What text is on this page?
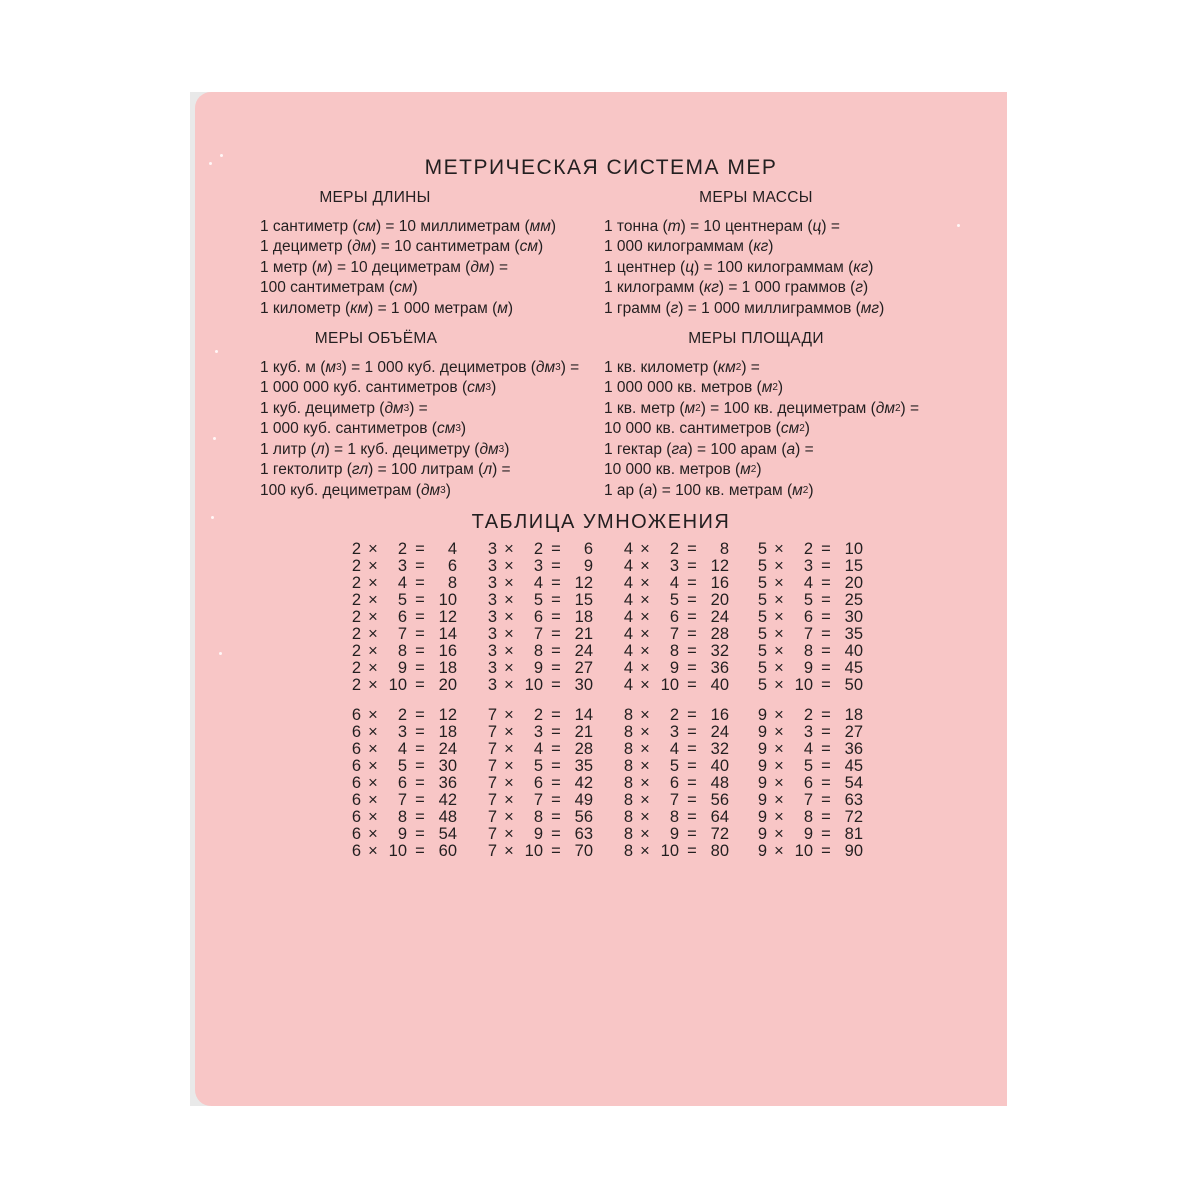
МЕТРИЧЕСКАЯ СИСТЕМА МЕР
МЕРЫ ДЛИНЫ
1 сантиметр (см) = 10 миллиметрам (мм)
1 дециметр (дм) = 10 сантиметрам (см)
1 метр (м) = 10 дециметрам (дм) =
100 сантиметрам (см)
1 километр (км) = 1 000 метрам (м)
МЕРЫ МАССЫ
1 тонна (т) = 10 центнерам (ц) =
1 000 килограммам (кг)
1 центнер (ц) = 100 килограммам (кг)
1 килограмм (кг) = 1 000 граммов (г)
1 грамм (г) = 1 000 миллиграммов (мг)
МЕРЫ ОБЪЁМА
1 куб. м $(м^3) = 1$ 000 куб. дециметров $(дм^3)$ =
1 000 000 куб. сантиметров $(см^3)$
1 куб. дециметр $(дм^3)$ =
1 000 куб. сантиметров $(см^3)$
1 литр (л) = 1 куб. дециметру $(дм^3)$
1 гектолитр (гл) = 100 литрам (л) =
100 куб. дециметрам $(дм^3)$
МЕРЫ ПЛОЩАДИ
1 кв. километр $(км^2)$ =
1 000 000 кв. метров $(м^2)$
1 кв. метр $(м^2) = 100$ кв. дециметрам $(дм^2)$ =
10 000 кв. сантиметров $(см^2)$
1 гектар (га) = 100 арам (а) =
10 000 кв. метров $(м^2)$
1 ар (а) = 100 кв. метрам $(м^2)$
ТАБЛИЦА УМНОЖЕНИЯ
2 ×	2 =	4
2 ×	3 =	6
2 ×	4 =	8
2 ×	5 = 10
2 ×	6 = 12
2 ×	7 = 14
2 ×	8 = 16
2 ×	9 = 18
2 × 10 = 20
3 ×	2 =	6
3 ×	3 =	9
3 ×	4 = 12
3 ×	5 = 15
3 ×	6 = 18
3 ×	7 = 21
3 ×	8 = 24
3 ×	9 = 27
3 × 10 = 30
4 ×	2 =	8
4 ×	3 = 12
4 ×	4 = 16
4 ×	5 = 20
4 ×	6 = 24
4 ×	7 = 28
4 ×	8 = 32
4 ×	9 = 36
4 × 10 = 40
5 ×	2 = 10
5 ×	3 = 15
5 ×	4 = 20
5 ×	5 = 25
5 ×	6 = 30
5 ×	7 = 35
5 ×	8 = 40
5 ×	9 = 45
5 × 10 = 50
6 ×	2 = 12
6 ×	3 = 18
6 ×	4 = 24
6 ×	5 = 30
6 ×	6 = 36
6 ×	7 = 42
6 ×	8 = 48
6 ×	9 = 54
6 × 10 = 60
7 ×	2 = 14
7 ×	3 = 21
7 ×	4 = 28
7 ×	5 = 35
7 ×	6 = 42
7 ×	7 = 49
7 ×	8 = 56
7 ×	9 = 63
7 × 10 = 70
8 ×	2 = 16
8 ×	3 = 24
8 ×	4 = 32
8 ×	5 = 40
8 ×	6 = 48
8 ×	7 = 56
8 ×	8 = 64
8 ×	9 = 72
8 × 10 = 80
9 ×	2 = 18
9 ×	3 = 27
9 ×	4 = 36
9 ×	5 = 45
9 ×	6 = 54
9 ×	7 = 63
9 ×	8 = 72
9 ×	9 = 81
9 × 10 = 90
